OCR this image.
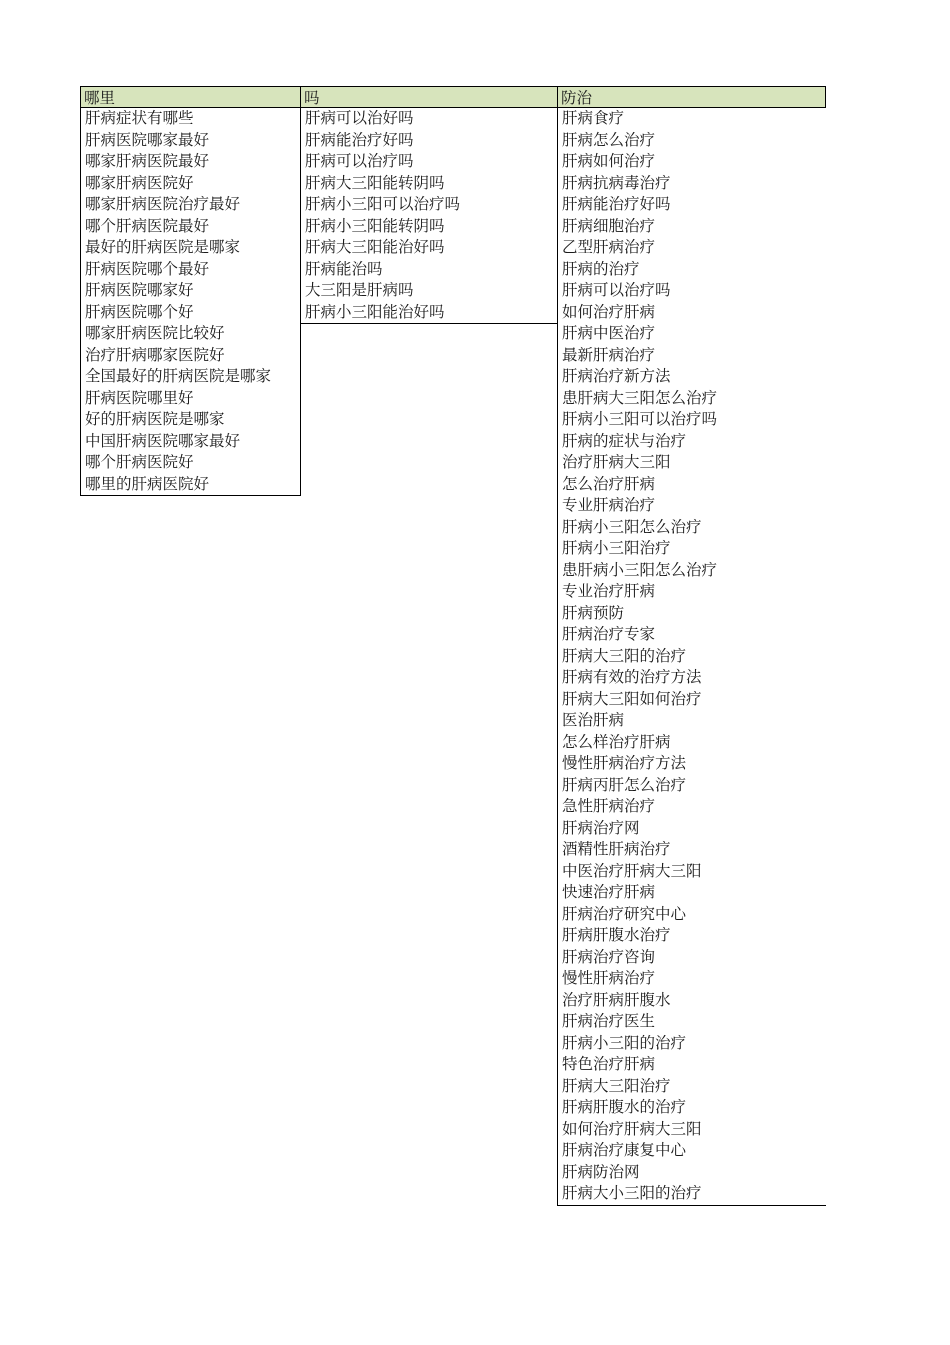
哪里
肝病症状有哪些
肝病医院哪家最好
哪家肝病医院最好
哪家肝病医院好
哪家肝病医院治疗最好
哪个肝病医院最好
最好的肝病医院是哪家
肝病医院哪个最好
肝病医院哪家好
肝病医院哪个好
哪家肝病医院比较好
治疗肝病哪家医院好
全国最好的肝病医院是哪家
肝病医院哪里好
好的肝病医院是哪家
中国肝病医院哪家最好
哪个肝病医院好
哪里的肝病医院好
吗
肝病可以治好吗
肝病能治疗好吗
肝病可以治疗吗
肝病大三阳能转阴吗
肝病小三阳可以治疗吗
肝病小三阳能转阴吗
肝病大三阳能治好吗
肝病能治吗
大三阳是肝病吗
肝病小三阳能治好吗
防治
肝病食疗
肝病怎么治疗
肝病如何治疗
肝病抗病毒治疗
肝病能治疗好吗
肝病细胞治疗
乙型肝病治疗
肝病的治疗
肝病可以治疗吗
如何治疗肝病
肝病中医治疗
最新肝病治疗
肝病治疗新方法
患肝病大三阳怎么治疗
肝病小三阳可以治疗吗
肝病的症状与治疗
治疗肝病大三阳
怎么治疗肝病
专业肝病治疗
肝病小三阳怎么治疗
肝病小三阳治疗
患肝病小三阳怎么治疗
专业治疗肝病
肝病预防
肝病治疗专家
肝病大三阳的治疗
肝病有效的治疗方法
肝病大三阳如何治疗
医治肝病
怎么样治疗肝病
慢性肝病治疗方法
肝病丙肝怎么治疗
急性肝病治疗
肝病治疗网
酒精性肝病治疗
中医治疗肝病大三阳
快速治疗肝病
肝病治疗研究中心
肝病肝腹水治疗
肝病治疗咨询
慢性肝病治疗
治疗肝病肝腹水
肝病治疗医生
肝病小三阳的治疗
特色治疗肝病
肝病大三阳治疗
肝病肝腹水的治疗
如何治疗肝病大三阳
肝病治疗康复中心
肝病防治网
肝病大小三阳的治疗
